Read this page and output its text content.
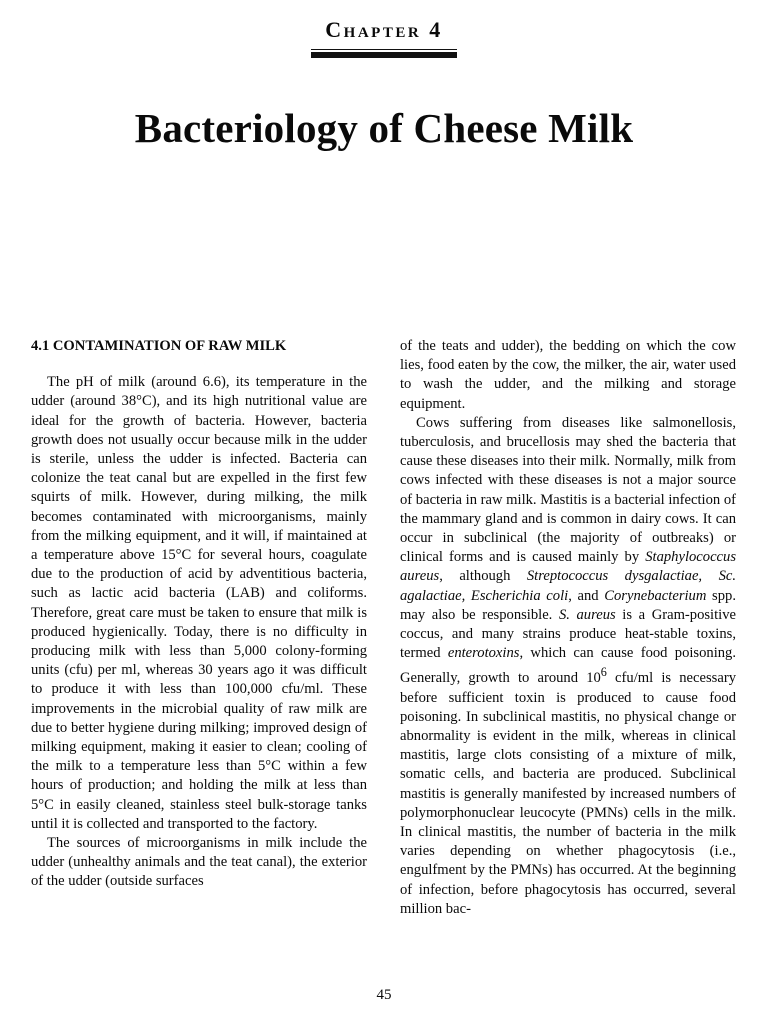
Chapter 4
Bacteriology of Cheese Milk
4.1 CONTAMINATION OF RAW MILK

The pH of milk (around 6.6), its temperature in the udder (around 38°C), and its high nutritional value are ideal for the growth of bacteria. However, bacteria growth does not usually occur because milk in the udder is sterile, unless the udder is infected. Bacteria can colonize the teat canal but are expelled in the first few squirts of milk. However, during milking, the milk becomes contaminated with microorganisms, mainly from the milking equipment, and it will, if maintained at a temperature above 15°C for several hours, coagulate due to the production of acid by adventitious bacteria, such as lactic acid bacteria (LAB) and coliforms. Therefore, great care must be taken to ensure that milk is produced hygienically. Today, there is no difficulty in producing milk with less than 5,000 colony-forming units (cfu) per ml, whereas 30 years ago it was difficult to produce it with less than 100,000 cfu/ml. These improvements in the microbial quality of raw milk are due to better hygiene during milking; improved design of milking equipment, making it easier to clean; cooling of the milk to a temperature less than 5°C within a few hours of production; and holding the milk at less than 5°C in easily cleaned, stainless steel bulk-storage tanks until it is collected and transported to the factory.

The sources of microorganisms in milk include the udder (unhealthy animals and the teat canal), the exterior of the udder (outside surfaces

of the teats and udder), the bedding on which the cow lies, food eaten by the cow, the milker, the air, water used to wash the udder, and the milking and storage equipment.

Cows suffering from diseases like salmonellosis, tuberculosis, and brucellosis may shed the bacteria that cause these diseases into their milk. Normally, milk from cows infected with these diseases is not a major source of bacteria in raw milk. Mastitis is a bacterial infection of the mammary gland and is common in dairy cows. It can occur in subclinical (the majority of outbreaks) or clinical forms and is caused mainly by Staphylococcus aureus, although Streptococcus dysgalactiae, Sc. agalactiae, Escherichia coli, and Corynebacterium spp. may also be responsible. S. aureus is a Gram-positive coccus, and many strains produce heat-stable toxins, termed enterotoxins, which can cause food poisoning. Generally, growth to around $10^6$ cfu/ml is necessary before sufficient toxin is produced to cause food poisoning. In subclinical mastitis, no physical change or abnormality is evident in the milk, whereas in clinical mastitis, large clots consisting of a mixture of milk, somatic cells, and bacteria are produced. Subclinical mastitis is generally manifested by increased numbers of polymorphonuclear leucocyte (PMNs) cells in the milk. In clinical mastitis, the number of bacteria in the milk varies depending on whether phagocytosis (i.e., engulfment by the PMNs) has occurred. At the beginning of infection, before phagocytosis has occurred, several million bac-

45
